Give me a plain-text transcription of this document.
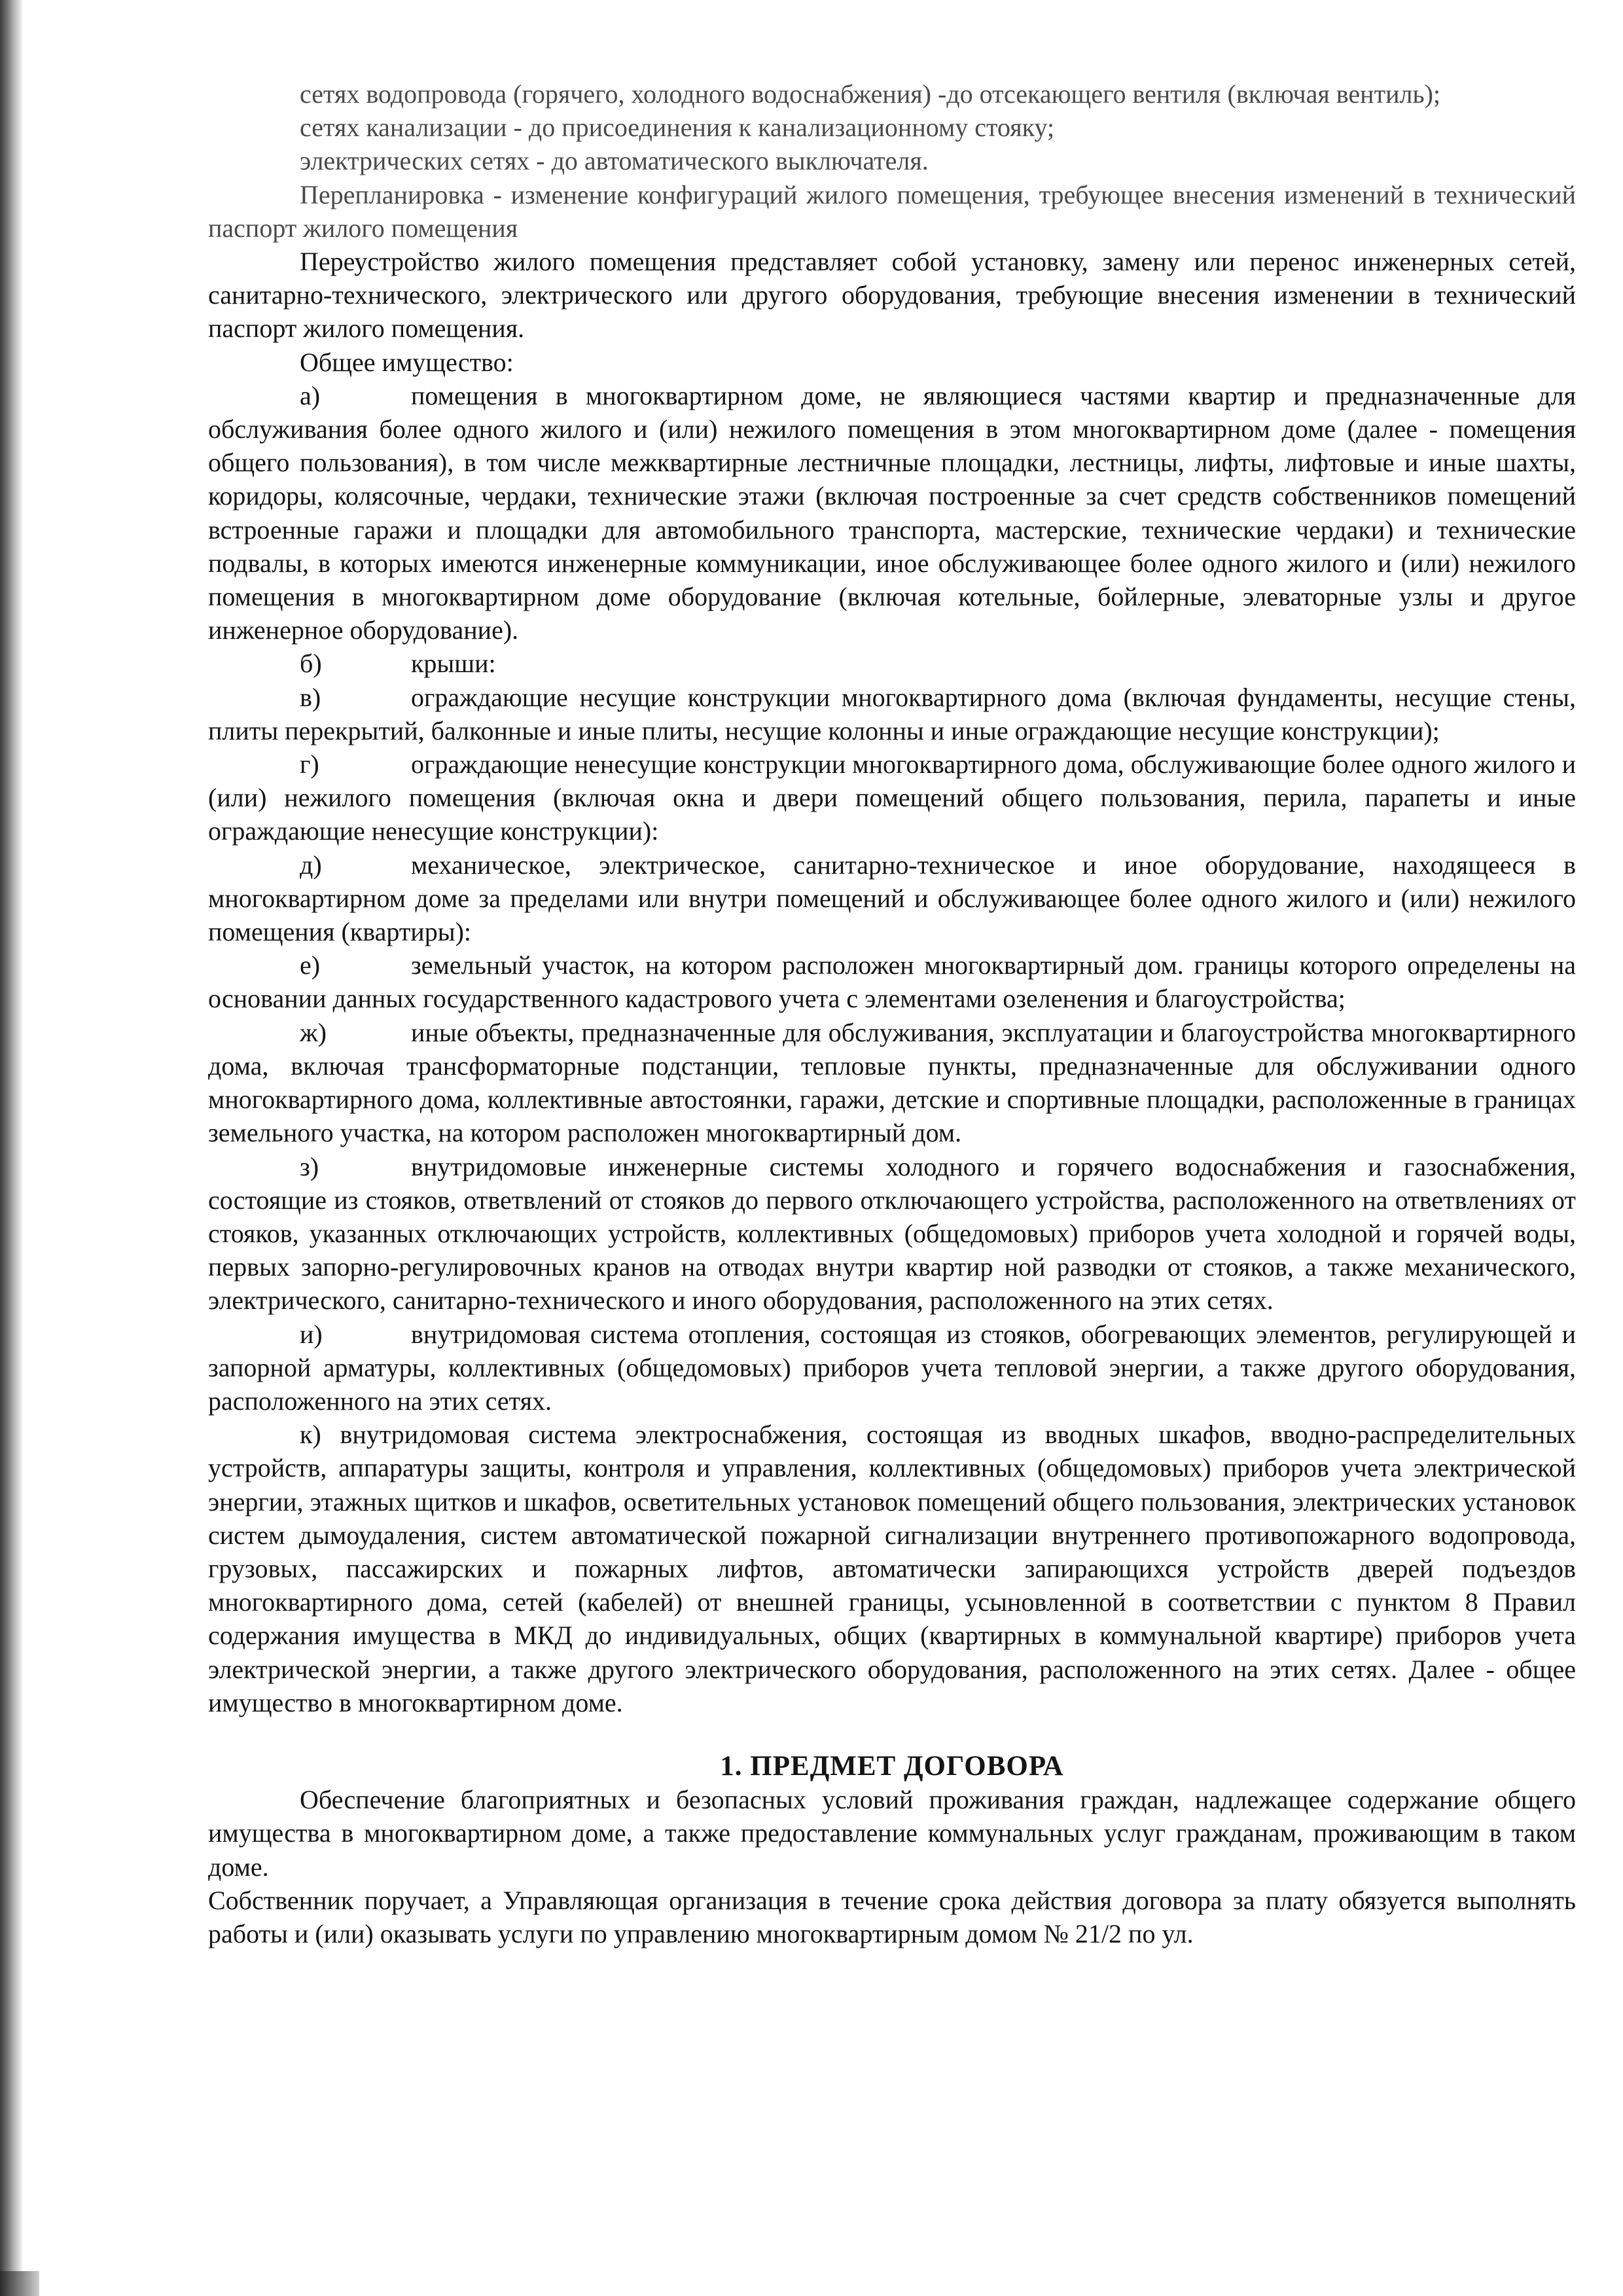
сетях водопровода (горячего, холодного водоснабжения) -до отсекающего вентиля (включая вентиль);

сетях канализации - до присоединения к канализационному стояку;

электрических сетях - до автоматического выключателя.

Перепланировка - изменение конфигураций жилого помещения, требующее внесения изменений в технический паспорт жилого помещения

Переустройство жилого помещения представляет собой установку, замену или перенос инженерных сетей, санитарно-технического, электрического или другого оборудования, требующие внесения изменении в технический паспорт жилого помещения.

Общее имущество:

а)	помещения в многоквартирном доме, не являющиеся частями квартир и предназначенные для обслуживания более одного жилого и (или) нежилого помещения в этом многоквартирном доме (далее - помещения общего пользования), в том числе межквартирные лестничные площадки, лестницы, лифты, лифтовые и иные шахты, коридоры, колясочные, чердаки, технические этажи (включая построенные за счет средств собственников помещений встроенные гаражи и площадки для автомобильного транспорта, мастерские, технические чердаки) и технические подвалы, в которых имеются инженерные коммуникации, иное обслуживающее более одного жилого и (или) нежилого помещения в многоквартирном доме оборудование (включая котельные, бойлерные, элеваторные узлы и другое инженерное оборудование).

б)	крыши:

в)	ограждающие несущие конструкции многоквартирного дома (включая фундаменты, несущие стены, плиты перекрытий, балконные и иные плиты, несущие колонны и иные ограждающие несущие конструкции);

г)	ограждающие ненесущие конструкции многоквартирного дома, обслуживающие более одного жилого и (или) нежилого помещения (включая окна и двери помещений общего пользования, перила, парапеты и иные ограждающие ненесущие конструкции):

д)	механическое, электрическое, санитарно-техническое и иное оборудование, находящееся в многоквартирном доме за пределами или внутри помещений и обслуживающее более одного жилого и (или) нежилого помещения (квартиры):

е)	земельный участок, на котором расположен многоквартирный дом. границы которого определены на основании данных государственного кадастрового учета с элементами озеленения и благоустройства;

ж)	иные объекты, предназначенные для обслуживания, эксплуатации и благоустройства многоквартирного дома, включая трансформаторные подстанции, тепловые пункты, предназначенные для обслуживании одного многоквартирного дома, коллективные автостоянки, гаражи, детские и спортивные площадки, расположенные в границах земельного участка, на котором расположен многоквартирный дом.

з)	внутридомовые инженерные системы холодного и горячего водоснабжения и газоснабжения, состоящие из стояков, ответвлений от стояков до первого отключающего устройства, расположенного на ответвлениях от стояков, указанных отключающих устройств, коллективных (общедомовых) приборов учета холодной и горячей воды, первых запорно-регулировочных кранов на отводах внутри квартир ной разводки от стояков, а также механического, электрического, санитарно-технического и иного оборудования, расположенного на этих сетях.

и)	внутридомовая система отопления, состоящая из стояков, обогревающих элементов, регулирующей и запорной арматуры, коллективных (общедомовых) приборов учета тепловой энергии, а также другого оборудования, расположенного на этих сетях.

к) внутридомовая система электроснабжения, состоящая из вводных шкафов, вводно-распределительных устройств, аппаратуры защиты, контроля и управления, коллективных (общедомовых) приборов учета электрической энергии, этажных щитков и шкафов, осветительных установок помещений общего пользования, электрических установок систем дымоудаления, систем автоматической пожарной сигнализации внутреннего противопожарного водопровода, грузовых, пассажирских и пожарных лифтов, автоматически запирающихся устройств дверей подъездов многоквартирного дома, сетей (кабелей) от внешней границы, усыновленной в соответствии с пунктом 8 Правил содержания имущества в МКД до индивидуальных, общих (квартирных в коммунальной квартире) приборов учета электрической энергии, а также другого электрического оборудования, расположенного на этих сетях. Далее - общее имущество в многоквартирном доме.

1. ПРЕДМЕТ ДОГОВОРА

Обеспечение благоприятных и безопасных условий проживания граждан, надлежащее содержание общего имущества в многоквартирном доме, а также предоставление коммунальных услуг гражданам, проживающим в таком доме.

Собственник поручает, а Управляющая организация в течение срока действия договора за плату обязуется выполнять работы и (или) оказывать услуги по управлению многоквартирным домом № 21/2 по ул.
